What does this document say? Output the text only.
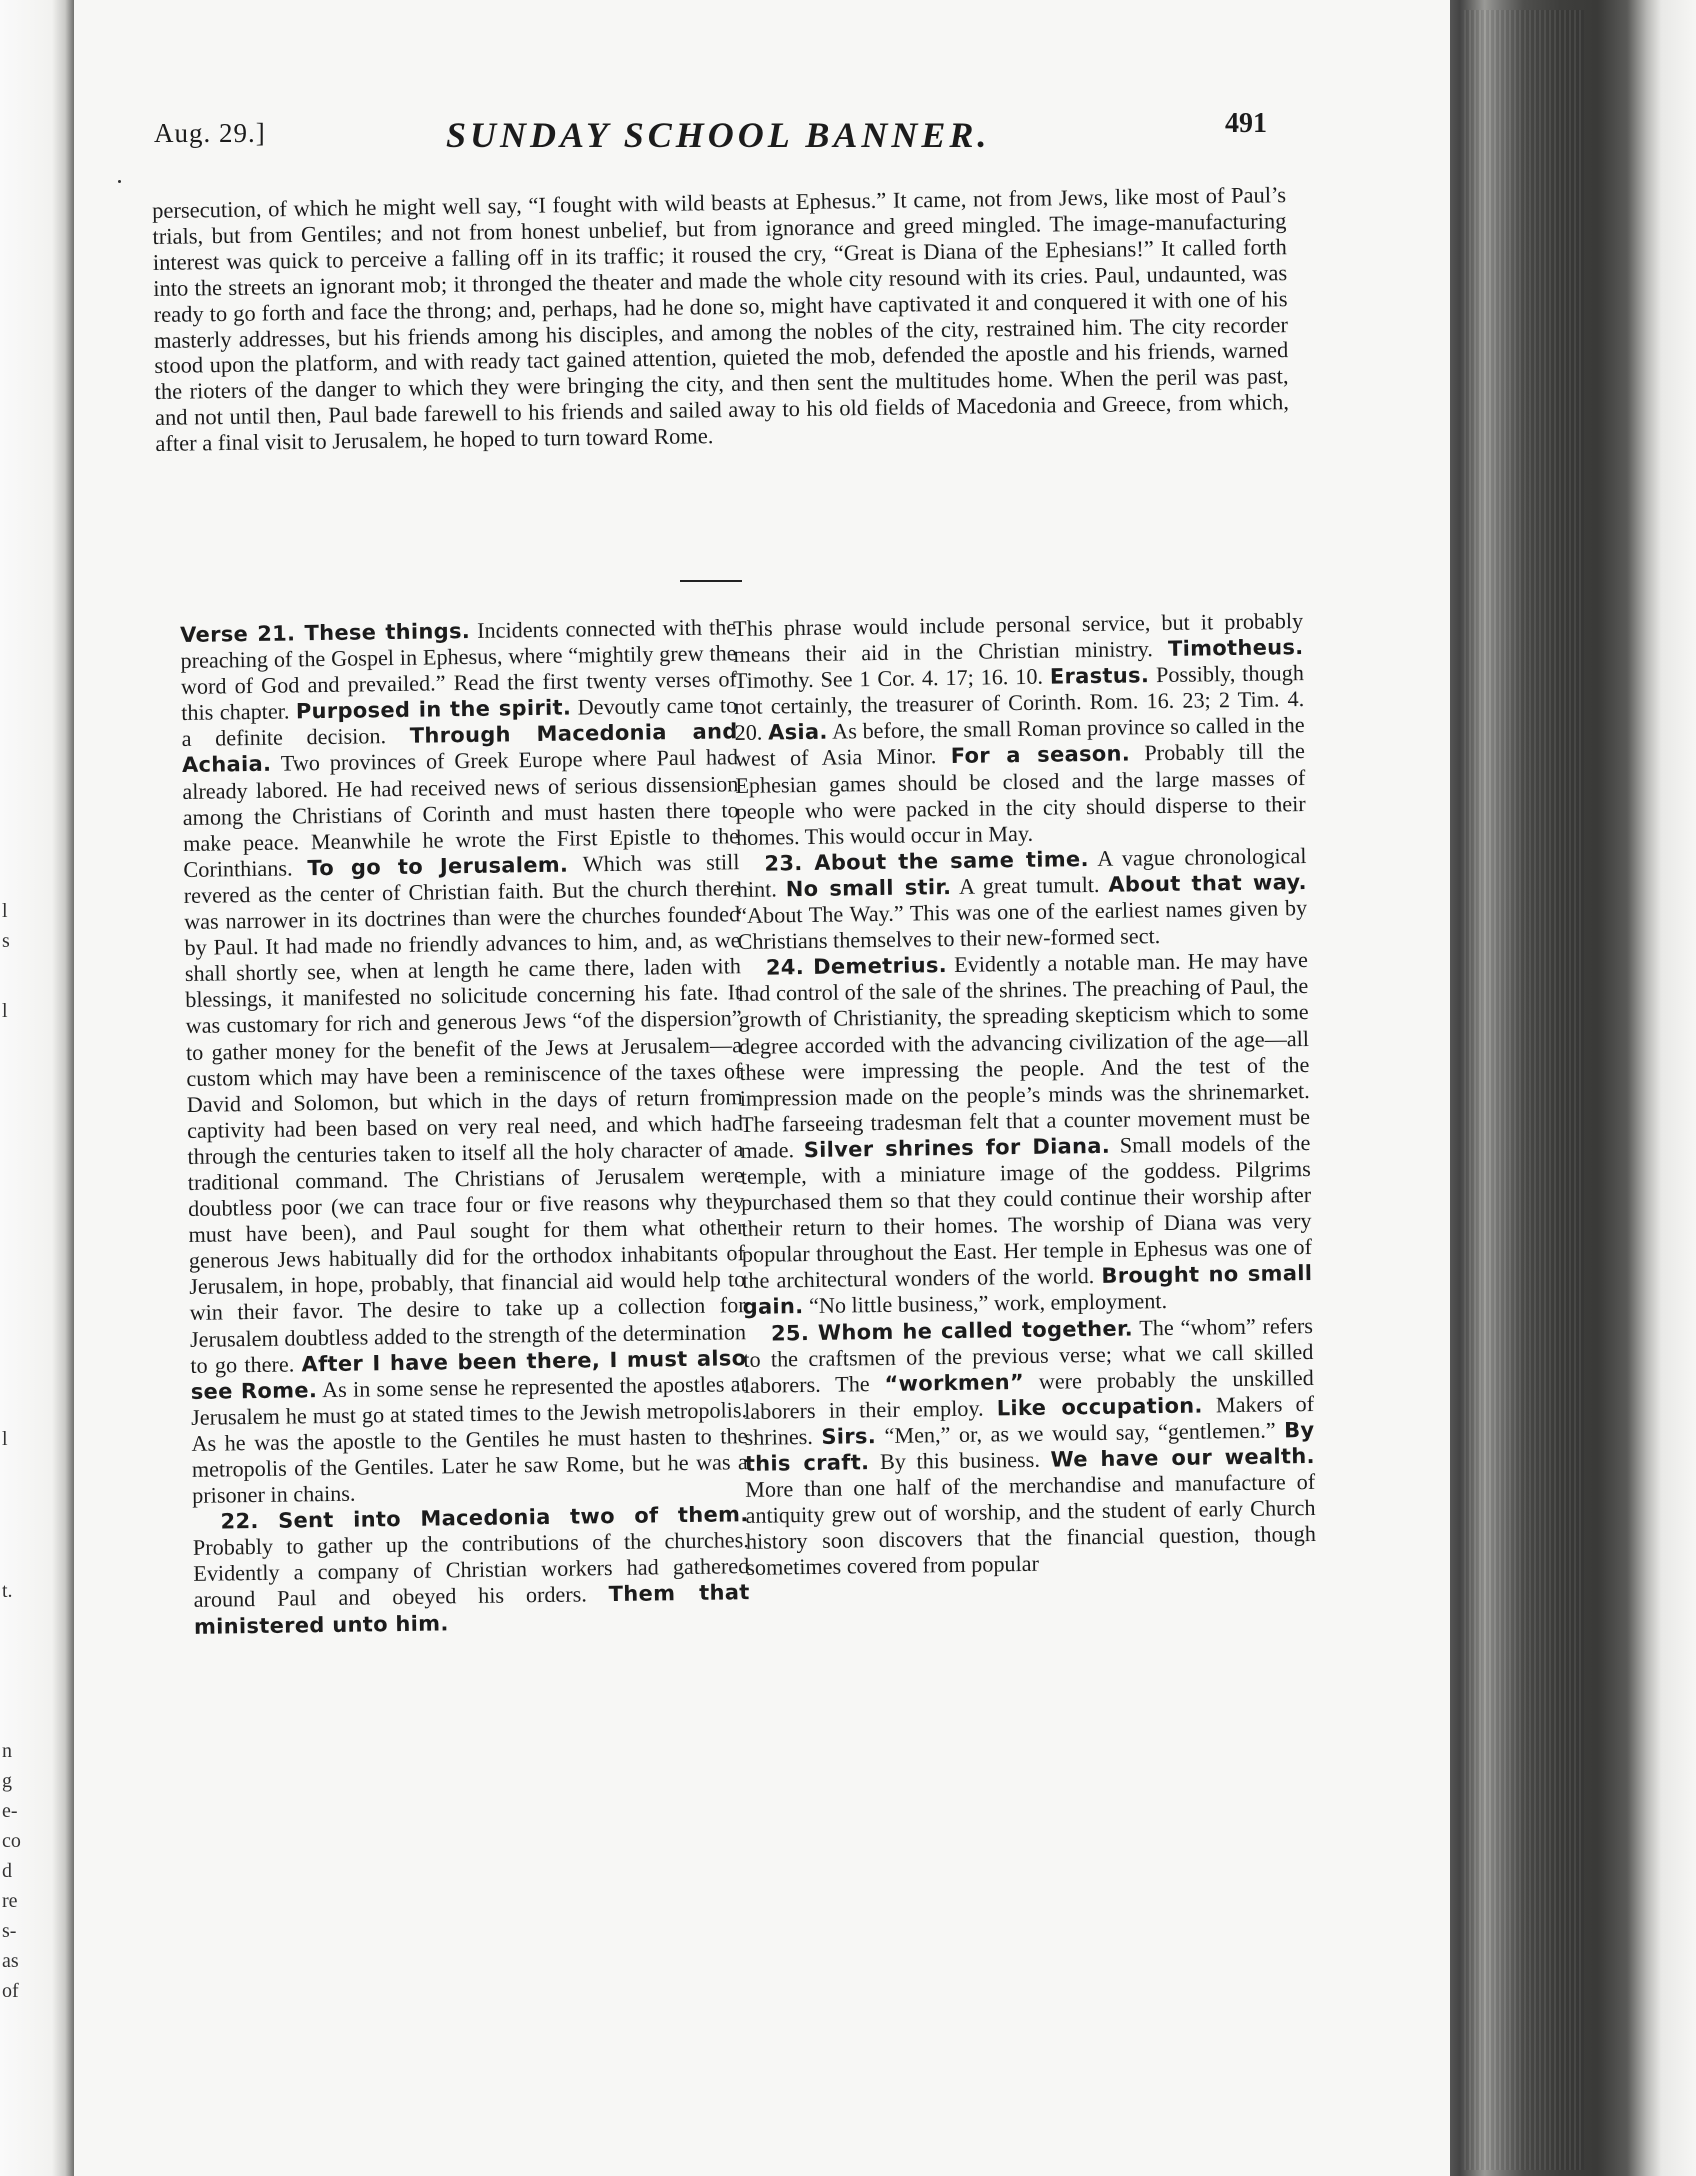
l
s
l
l
t.
n
g
e-
co
d
re
s-
as
of
Aug. 29.]	SUNDAY SCHOOL BANNER.	491
persecution, of which he might well say, “I fought with wild beasts at Ephesus.” It came, not from Jews, like most of Paul’s trials, but from Gentiles; and not from honest unbelief, but from ignorance and greed mingled. The image-manufacturing interest was quick to perceive a falling off in its traffic; it roused the cry, “Great is Diana of the Ephesians!” It called forth into the streets an ignorant mob; it thronged the theater and made the whole city resound with its cries. Paul, undaunted, was ready to go forth and face the throng; and, perhaps, had he done so, might have captivated it and conquered it with one of his masterly addresses, but his friends among his disciples, and among the nobles of the city, restrained him. The city recorder stood upon the platform, and with ready tact gained attention, quieted the mob, defended the apostle and his friends, warned the rioters of the danger to which they were bringing the city, and then sent the multitudes home. When the peril was past, and not until then, Paul bade farewell to his friends and sailed away to his old fields of Macedonia and Greece, from which, after a final visit to Jerusalem, he hoped to turn toward Rome.

Verse 21. These things. Incidents connected with the preaching of the Gospel in Ephesus, where “mightily grew the word of God and prevailed.” Read the first twenty verses of this chapter. Purposed in the spirit. Devoutly came to a definite decision. Through Macedonia and Achaia. Two provinces of Greek Europe where Paul had already labored. He had received news of serious dissension among the Christians of Corinth and must hasten there to make peace. Meanwhile he wrote the First Epistle to the Corinthians. To go to Jerusalem. Which was still revered as the center of Christian faith. But the church there was narrower in its doctrines than were the churches founded by Paul. It had made no friendly advances to him, and, as we shall shortly see, when at length he came there, laden with blessings, it manifested no solicitude concerning his fate. It was customary for rich and generous Jews “of the dispersion” to gather money for the benefit of the Jews at Jerusalem—a custom which may have been a reminiscence of the taxes of David and Solomon, but which in the days of return from captivity had been based on very real need, and which had through the centuries taken to itself all the holy character of a traditional command. The Christians of Jerusalem were doubtless poor (we can trace four or five reasons why they must have been), and Paul sought for them what other generous Jews habitually did for the orthodox inhabitants of Jerusalem, in hope, probably, that financial aid would help to win their favor. The desire to take up a collection for Jerusalem doubtless added to the strength of the determination to go there. After I have been there, I must also see Rome. As in some sense he represented the apostles at Jerusalem he must go at stated times to the Jewish metropolis. As he was the apostle to the Gentiles he must hasten to the metropolis of the Gentiles. Later he saw Rome, but he was a prisoner in chains.

22. Sent into Macedonia two of them. Probably to gather up the contributions of the churches. Evidently a company of Christian workers had gathered around Paul and obeyed his orders. Them that ministered unto him.

This phrase would include personal service, but it probably means their aid in the Christian ministry. Timotheus. Timothy. See 1 Cor. 4. 17; 16. 10. Erastus. Possibly, though not certainly, the treasurer of Corinth. Rom. 16. 23; 2 Tim. 4. 20. Asia. As before, the small Roman province so called in the west of Asia Minor. For a season. Probably till the Ephesian games should be closed and the large masses of people who were packed in the city should disperse to their homes. This would occur in May.

23. About the same time. A vague chronological hint. No small stir. A great tumult. About that way. “About The Way.” This was one of the earliest names given by Christians themselves to their new-formed sect.

24. Demetrius. Evidently a notable man. He may have had control of the sale of the shrines. The preaching of Paul, the growth of Christianity, the spreading skepticism which to some degree accorded with the advancing civilization of the age—all these were impressing the people. And the test of the impression made on the people’s minds was the shrinemarket. The farseeing tradesman felt that a counter movement must be made. Silver shrines for Diana. Small models of the temple, with a miniature image of the goddess. Pilgrims purchased them so that they could continue their worship after their return to their homes. The worship of Diana was very popular throughout the East. Her temple in Ephesus was one of the architectural wonders of the world. Brought no small gain. “No little business,” work, employment.

25. Whom he called together. The “whom” refers to the craftsmen of the previous verse; what we call skilled laborers. The “workmen” were probably the unskilled laborers in their employ. Like occupation. Makers of shrines. Sirs. “Men,” or, as we would say, “gentlemen.” By this craft. By this business. We have our wealth. More than one half of the merchandise and manufacture of antiquity grew out of worship, and the student of early Church history soon discovers that the financial question, though sometimes covered from popular
